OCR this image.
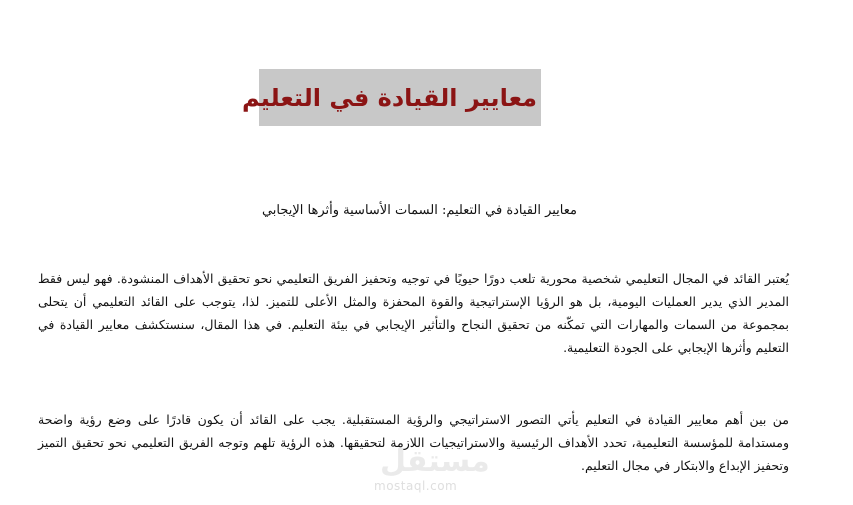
معايير القيادة في التعليم
معايير القيادة في التعليم: السمات الأساسية وأثرها الإيجابي

يُعتبر القائد في المجال التعليمي شخصية محورية تلعب دورًا حيويًا في توجيه وتحفيز الفريق التعليمي نحو تحقيق الأهداف المنشودة. فهو ليس فقط المدير الذي يدير العمليات اليومية، بل هو الرؤيا الإستراتيجية والقوة المحفزة والمثل الأعلى للتميز. لذا، يتوجب على القائد التعليمي أن يتحلى بمجموعة من السمات والمهارات التي تمكّنه من تحقيق النجاح والتأثير الإيجابي في بيئة التعليم. في هذا المقال، سنستكشف معايير القيادة في التعليم وأثرها الإيجابي على الجودة التعليمية.

من بين أهم معايير القيادة في التعليم يأتي التصور الاستراتيجي والرؤية المستقبلية. يجب على القائد أن يكون قادرًا على وضع رؤية واضحة ومستدامة للمؤسسة التعليمية، تحدد الأهداف الرئيسية والاستراتيجيات اللازمة لتحقيقها. هذه الرؤية تلهم وتوجه الفريق التعليمي نحو تحقيق التميز وتحفيز الإبداع والابتكار في مجال التعليم.

مستقل
mostaql.com
